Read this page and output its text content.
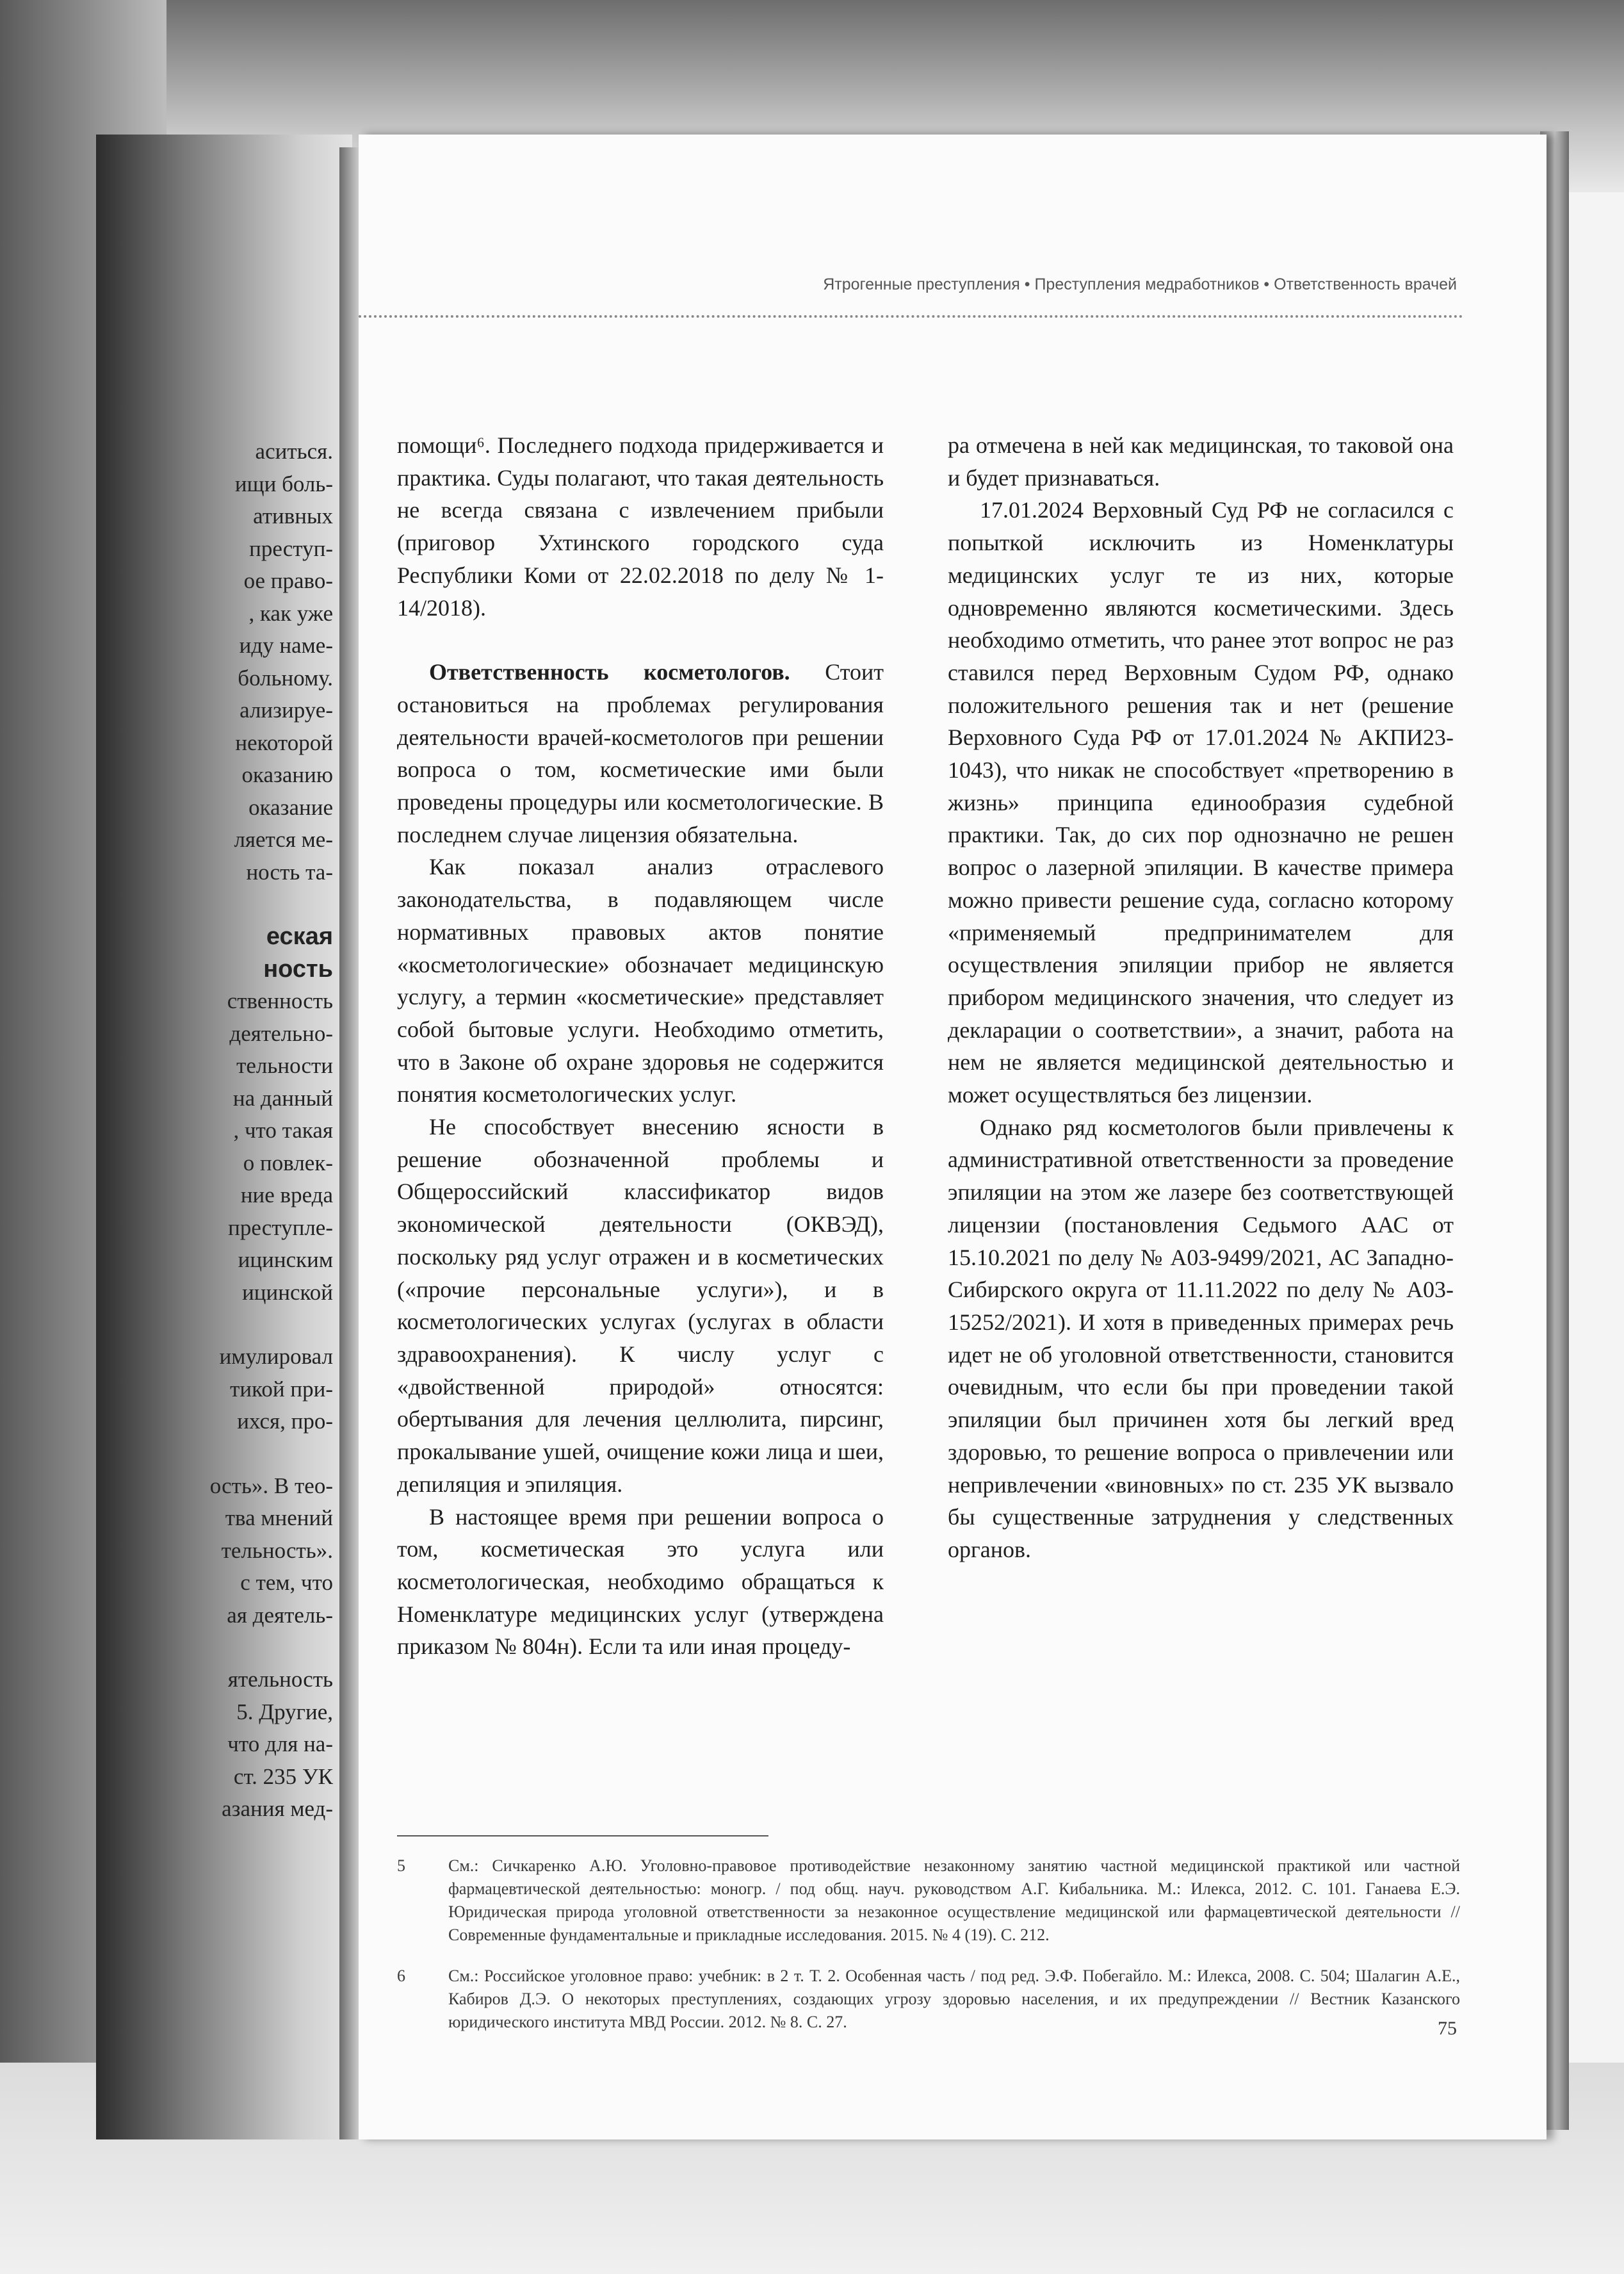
аситься.
ищи боль-
ативных
преступ-
ое право-
, как уже
иду наме-
больному.
ализируе-
некоторой
оказанию
оказание
ляется ме-
ность та-
еская
ность
ственность
деятельно-
тельности
на данный
, что такая
о повлек-
ние вреда
преступле-
ицинским
ицинской
имулировал
тикой при-
ихся, про-
ость». В тео-
тва мнений
тельность».
с тем, что
ая деятель-
ятельность
5. Другие,
что для на-
ст. 235 УК
азания мед-
Ятрогенные преступления • Преступления медработников • Ответственность врачей

помощи⁶. Последнего подхода придерживается и практика. Суды полагают, что такая деятельность не всегда связана с извлечением прибыли (приговор Ухтинского городского суда Республики Коми от 22.02.2018 по делу № 1-14/2018).

Ответственность косметологов. Стоит остановиться на проблемах регулирования деятельности врачей-косметологов при решении вопроса о том, косметические ими были проведены процедуры или косметологические. В последнем случае лицензия обязательна.

Как показал анализ отраслевого законодательства, в подавляющем числе нормативных правовых актов понятие «косметологические» обозначает медицинскую услугу, а термин «косметические» представляет собой бытовые услуги. Необходимо отметить, что в Законе об охране здоровья не содержится понятия косметологических услуг.

Не способствует внесению ясности в решение обозначенной проблемы и Общероссийский классификатор видов экономической деятельности (ОКВЭД), поскольку ряд услуг отражен и в косметических («прочие персональные услуги»), и в косметологических услугах (услугах в области здравоохранения). К числу услуг с «двойственной природой» относятся: обертывания для лечения целлюлита, пирсинг, прокалывание ушей, очищение кожи лица и шеи, депиляция и эпиляция.

В настоящее время при решении вопроса о том, косметическая это услуга или косметологическая, необходимо обращаться к Номенклатуре медицинских услуг (утверждена приказом № 804н). Если та или иная процеду-

ра отмечена в ней как медицинская, то таковой она и будет признаваться.

17.01.2024 Верховный Суд РФ не согласился с попыткой исключить из Номенклатуры медицинских услуг те из них, которые одновременно являются косметическими. Здесь необходимо отметить, что ранее этот вопрос не раз ставился перед Верховным Судом РФ, однако положительного решения так и нет (решение Верховного Суда РФ от 17.01.2024 № АКПИ23-1043), что никак не способствует «претворению в жизнь» принципа единообразия судебной практики. Так, до сих пор однозначно не решен вопрос о лазерной эпиляции. В качестве примера можно привести решение суда, согласно которому «применяемый предпринимателем для осуществления эпиляции прибор не является прибором медицинского значения, что следует из декларации о соответствии», а значит, работа на нем не является медицинской деятельностью и может осуществляться без лицензии.

Однако ряд косметологов были привлечены к административной ответственности за проведение эпиляции на этом же лазере без соответствующей лицензии (постановления Седьмого ААС от 15.10.2021 по делу № А03-9499/2021, АС Западно-Сибирского округа от 11.11.2022 по делу № А03-15252/2021). И хотя в приведенных примерах речь идет не об уголовной ответственности, становится очевидным, что если бы при проведении такой эпиляции был причинен хотя бы легкий вред здоровью, то решение вопроса о привлечении или непривлечении «виновных» по ст. 235 УК вызвало бы существенные затруднения у следственных органов.

5	См.: Сичкаренко А.Ю. Уголовно-правовое противодействие незаконному занятию частной медицинской практикой или частной фармацевтической деятельностью: моногр. / под общ. науч. руководством А.Г. Кибальника. М.: Илекса, 2012. С. 101. Ганаева Е.Э. Юридическая природа уголовной ответственности за незаконное осуществление медицинской или фармацевтической деятельности // Современные фундаментальные и прикладные исследования. 2015. № 4 (19). С. 212.
6	См.: Российское уголовное право: учебник: в 2 т. Т. 2. Особенная часть / под ред. Э.Ф. Побегайло. М.: Илекса, 2008. С. 504; Шалагин А.Е., Кабиров Д.Э. О некоторых преступлениях, создающих угрозу здоровью населения, и их предупреждении // Вестник Казанского юридического института МВД России. 2012. № 8. С. 27.	75
